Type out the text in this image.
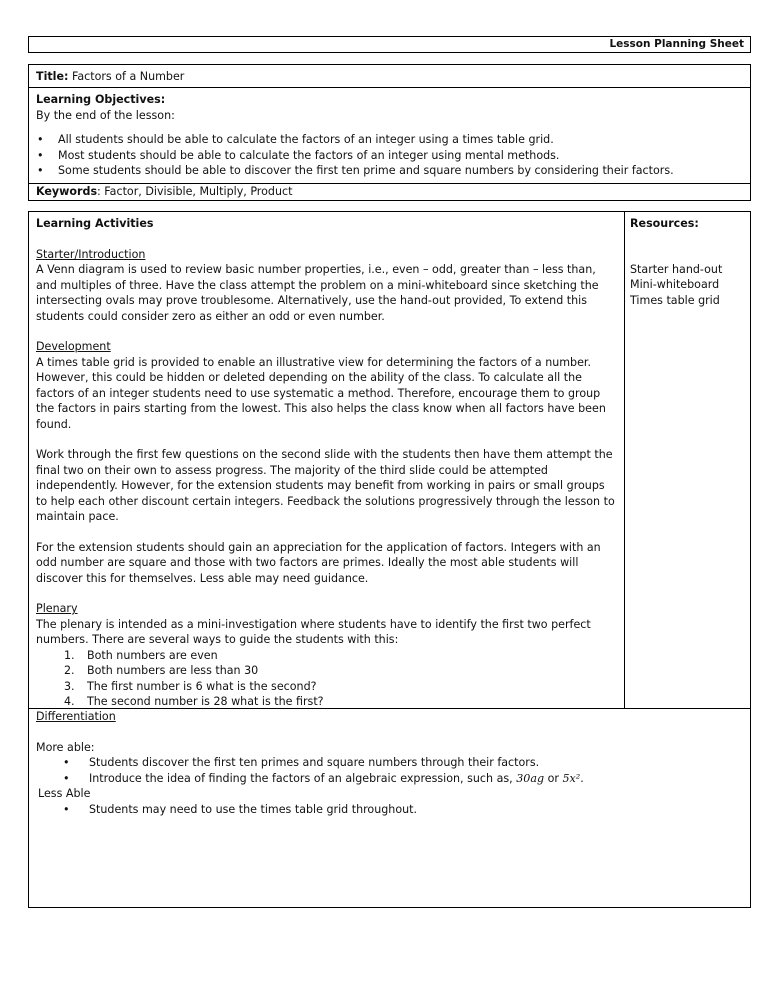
Lesson Planning Sheet
Title: Factors of a Number
Learning Objectives:
By the end of the lesson:
• All students should be able to calculate the factors of an integer using a times table grid.
• Most students should be able to calculate the factors of an integer using mental methods.
• Some students should be able to discover the first ten prime and square numbers by considering their factors.
Keywords: Factor, Divisible, Multiply, Product
Learning Activities
Starter/Introduction
A Venn diagram is used to review basic number properties, i.e., even – odd, greater than – less than, and multiples of three. Have the class attempt the problem on a mini-whiteboard since sketching the intersecting ovals may prove troublesome. Alternatively, use the hand-out provided, To extend this students could consider zero as either an odd or even number.
Development
A times table grid is provided to enable an illustrative view for determining the factors of a number. However, this could be hidden or deleted depending on the ability of the class. To calculate all the factors of an integer students need to use systematic a method. Therefore, encourage them to group the factors in pairs starting from the lowest. This also helps the class know when all factors have been found.
Work through the first few questions on the second slide with the students then have them attempt the final two on their own to assess progress. The majority of the third slide could be attempted independently. However, for the extension students may benefit from working in pairs or small groups to help each other discount certain integers. Feedback the solutions progressively through the lesson to maintain pace.
For the extension students should gain an appreciation for the application of factors. Integers with an odd number are square and those with two factors are primes. Ideally the most able students will discover this for themselves. Less able may need guidance.
Plenary
The plenary is intended as a mini-investigation where students have to identify the first two perfect numbers. There are several ways to guide the students with this:
1. Both numbers are even
2. Both numbers are less than 30
3. The first number is 6 what is the second?
4. The second number is 28 what is the first?
Resources:
Starter hand-out
Mini-whiteboard
Times table grid
Differentiation
More able:
• Students discover the first ten primes and square numbers through their factors.
• Introduce the idea of finding the factors of an algebraic expression, such as, 30ag or 5x².
Less Able
• Students may need to use the times table grid throughout.
